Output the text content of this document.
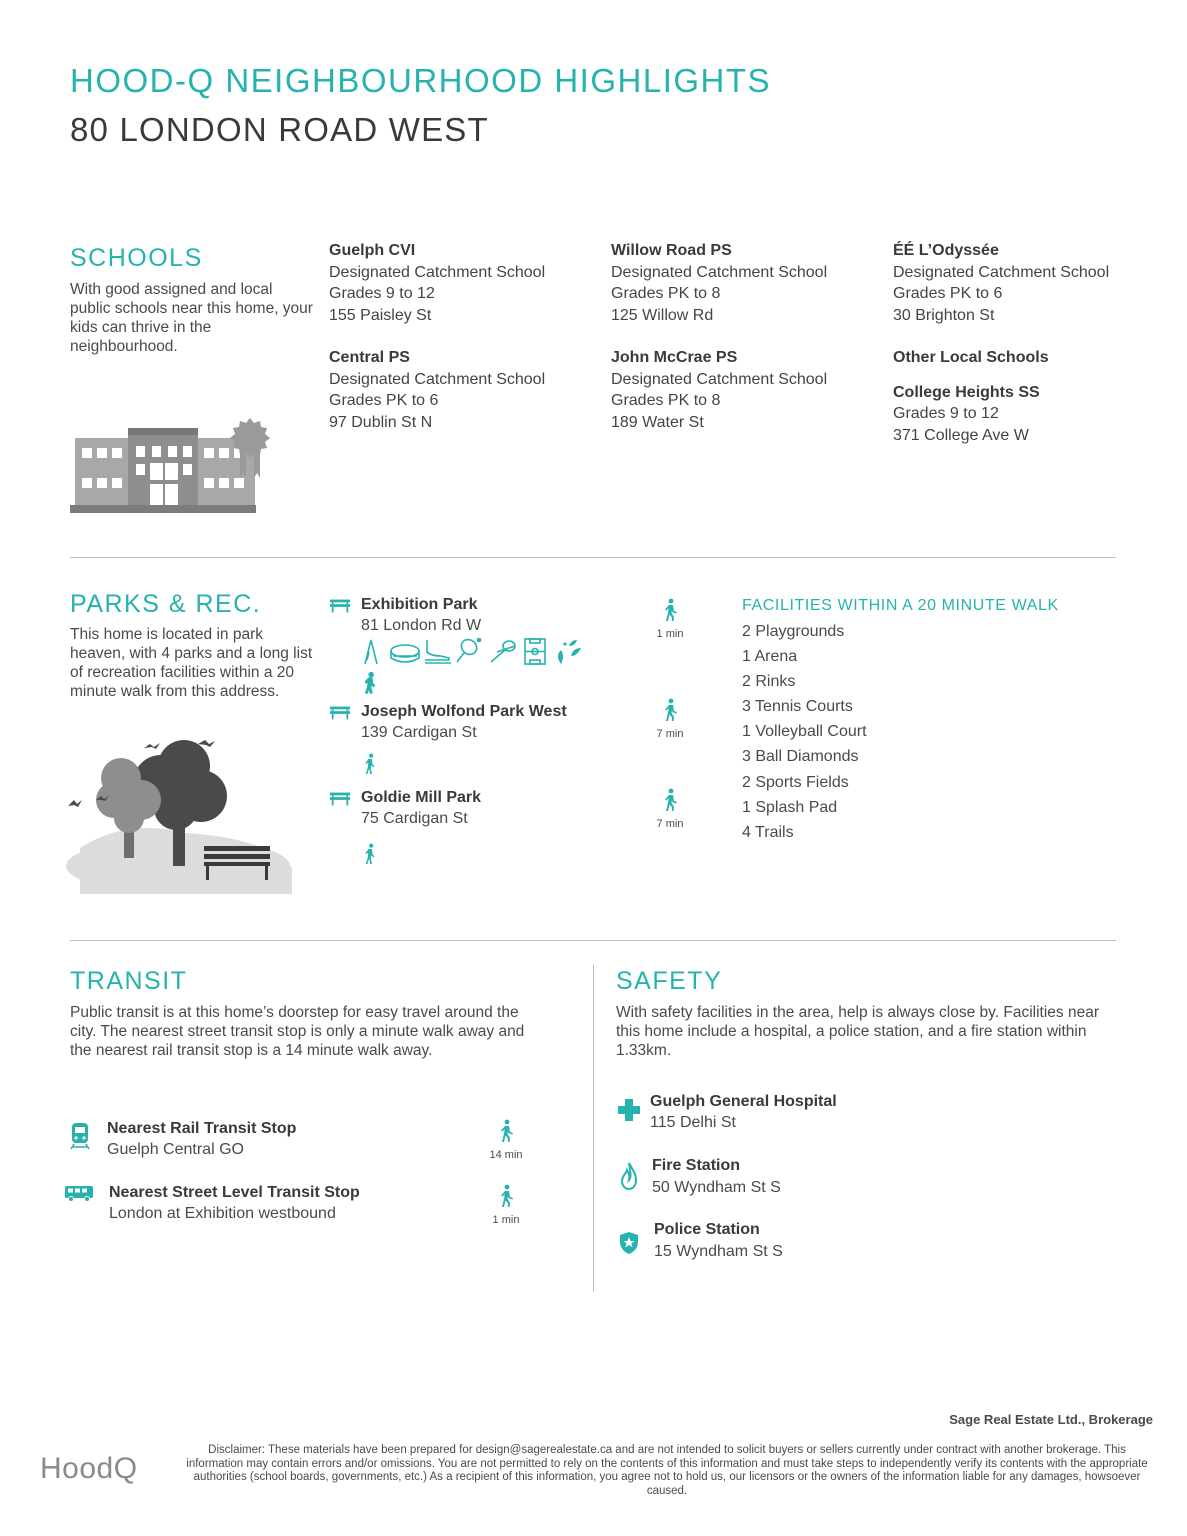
HOOD-Q NEIGHBOURHOOD HIGHLIGHTS
80 LONDON ROAD WEST
SCHOOLS

With good assigned and local public schools near this home, your kids can thrive in the neighbourhood.

Guelph CVI
Designated Catchment School
Grades 9 to 12
155 Paisley St
Willow Road PS
Designated Catchment School
Grades PK to 8
125 Willow Rd
ÉÉ L’Odyssée
Designated Catchment School
Grades PK to 6
30 Brighton St
Central PS
Designated Catchment School
Grades PK to 6
97 Dublin St N
John McCrae PS
Designated Catchment School
Grades PK to 8
189 Water St
Other Local Schools
College Heights SS
Grades 9 to 12
371 College Ave W
PARKS & REC.

This home is located in park heaven, with 4 parks and a long list of recreation facilities within a 20 minute walk from this address.

Exhibition Park
81 London Rd W	1 min
Joseph Wolfond Park West
139 Cardigan St	7 min
Goldie Mill Park
75 Cardigan St	7 min
FACILITIES WITHIN A 20 MINUTE WALK
2 Playgrounds
1 Arena
2 Rinks
3 Tennis Courts
1 Volleyball Court
3 Ball Diamonds
2 Sports Fields
1 Splash Pad
4 Trails
TRANSIT

Public transit is at this home’s doorstep for easy travel around the city. The nearest street transit stop is only a minute walk away and the nearest rail transit stop is a 14 minute walk away.

Nearest Rail Transit Stop
Guelph Central GO	14 min
Nearest Street Level Transit Stop
London at Exhibition westbound	1 min
SAFETY

With safety facilities in the area, help is always close by. Facilities near this home include a hospital, a police station, and a fire station within 1.33km.

Guelph General Hospital
115 Delhi St
Fire Station
50 Wyndham St S
Police Station
15 Wyndham St S
Sage Real Estate Ltd., Brokerage
HoodQ
Disclaimer: These materials have been prepared for design@sagerealestate.ca and are not intended to solicit buyers or sellers currently under contract with another brokerage. This information may contain errors and/or omissions. You are not permitted to rely on the contents of this information and must take steps to independently verify its contents with the appropriate authorities (school boards, governments, etc.) As a recipient of this information, you agree not to hold us, our licensors or the owners of the information liable for any damages, howsoever caused.
